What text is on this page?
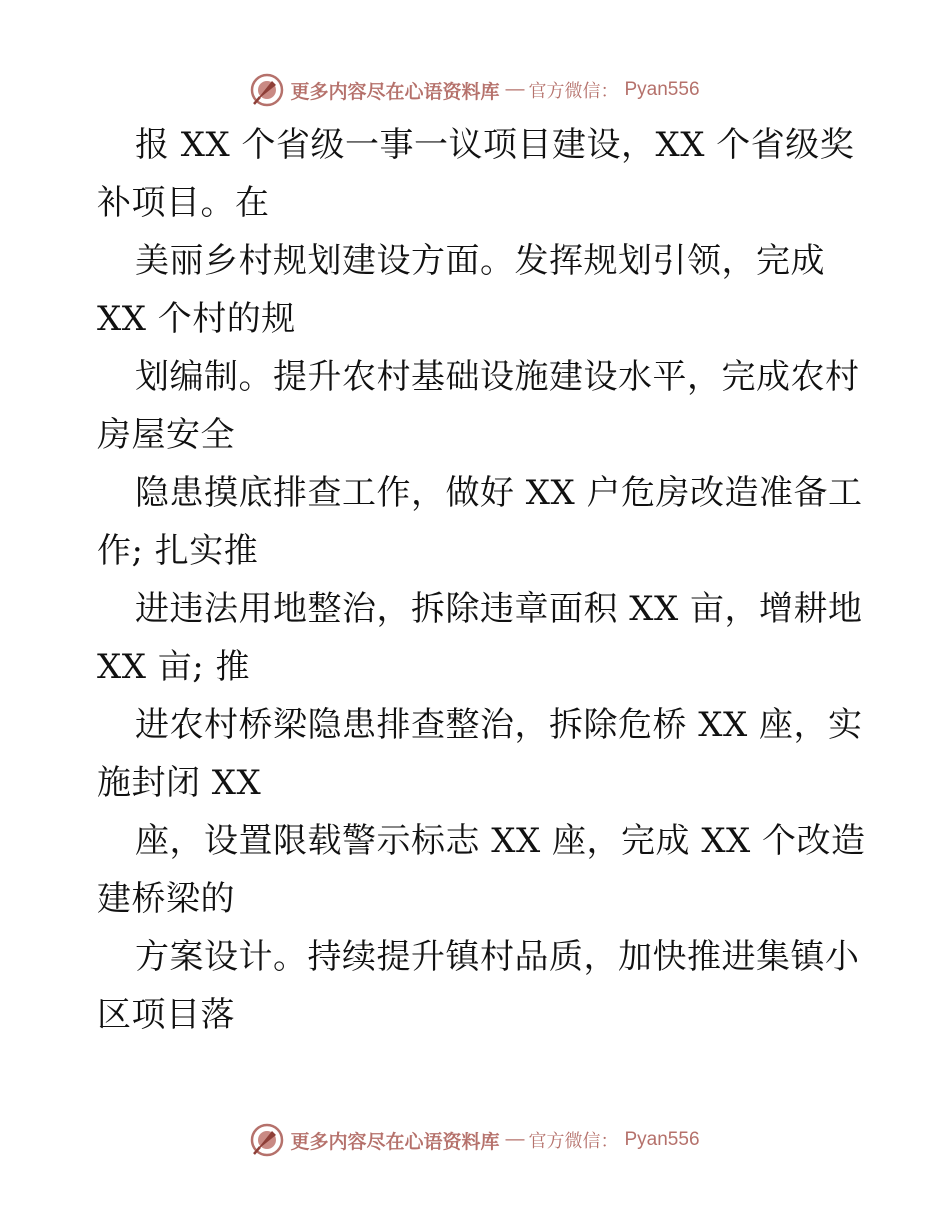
更多内容尽在心语资料库 — 官方微信： Pyan556
报 XX 个省级一事一议项目建设，XX 个省级奖
补项目。在
美丽乡村规划建设方面。发挥规划引领，完成
XX 个村的规
划编制。提升农村基础设施建设水平，完成农村
房屋安全
隐患摸底排查工作，做好 XX 户危房改造准备工
作; 扎实推
进违法用地整治，拆除违章面积 XX 亩，增耕地
XX 亩; 推
进农村桥梁隐患排查整治，拆除危桥 XX 座，实
施封闭 XX
座，设置限载警示标志 XX 座，完成 XX 个改造
建桥梁的
方案设计。持续提升镇村品质，加快推进集镇小
区项目落
更多内容尽在心语资料库 — 官方微信： Pyan556
